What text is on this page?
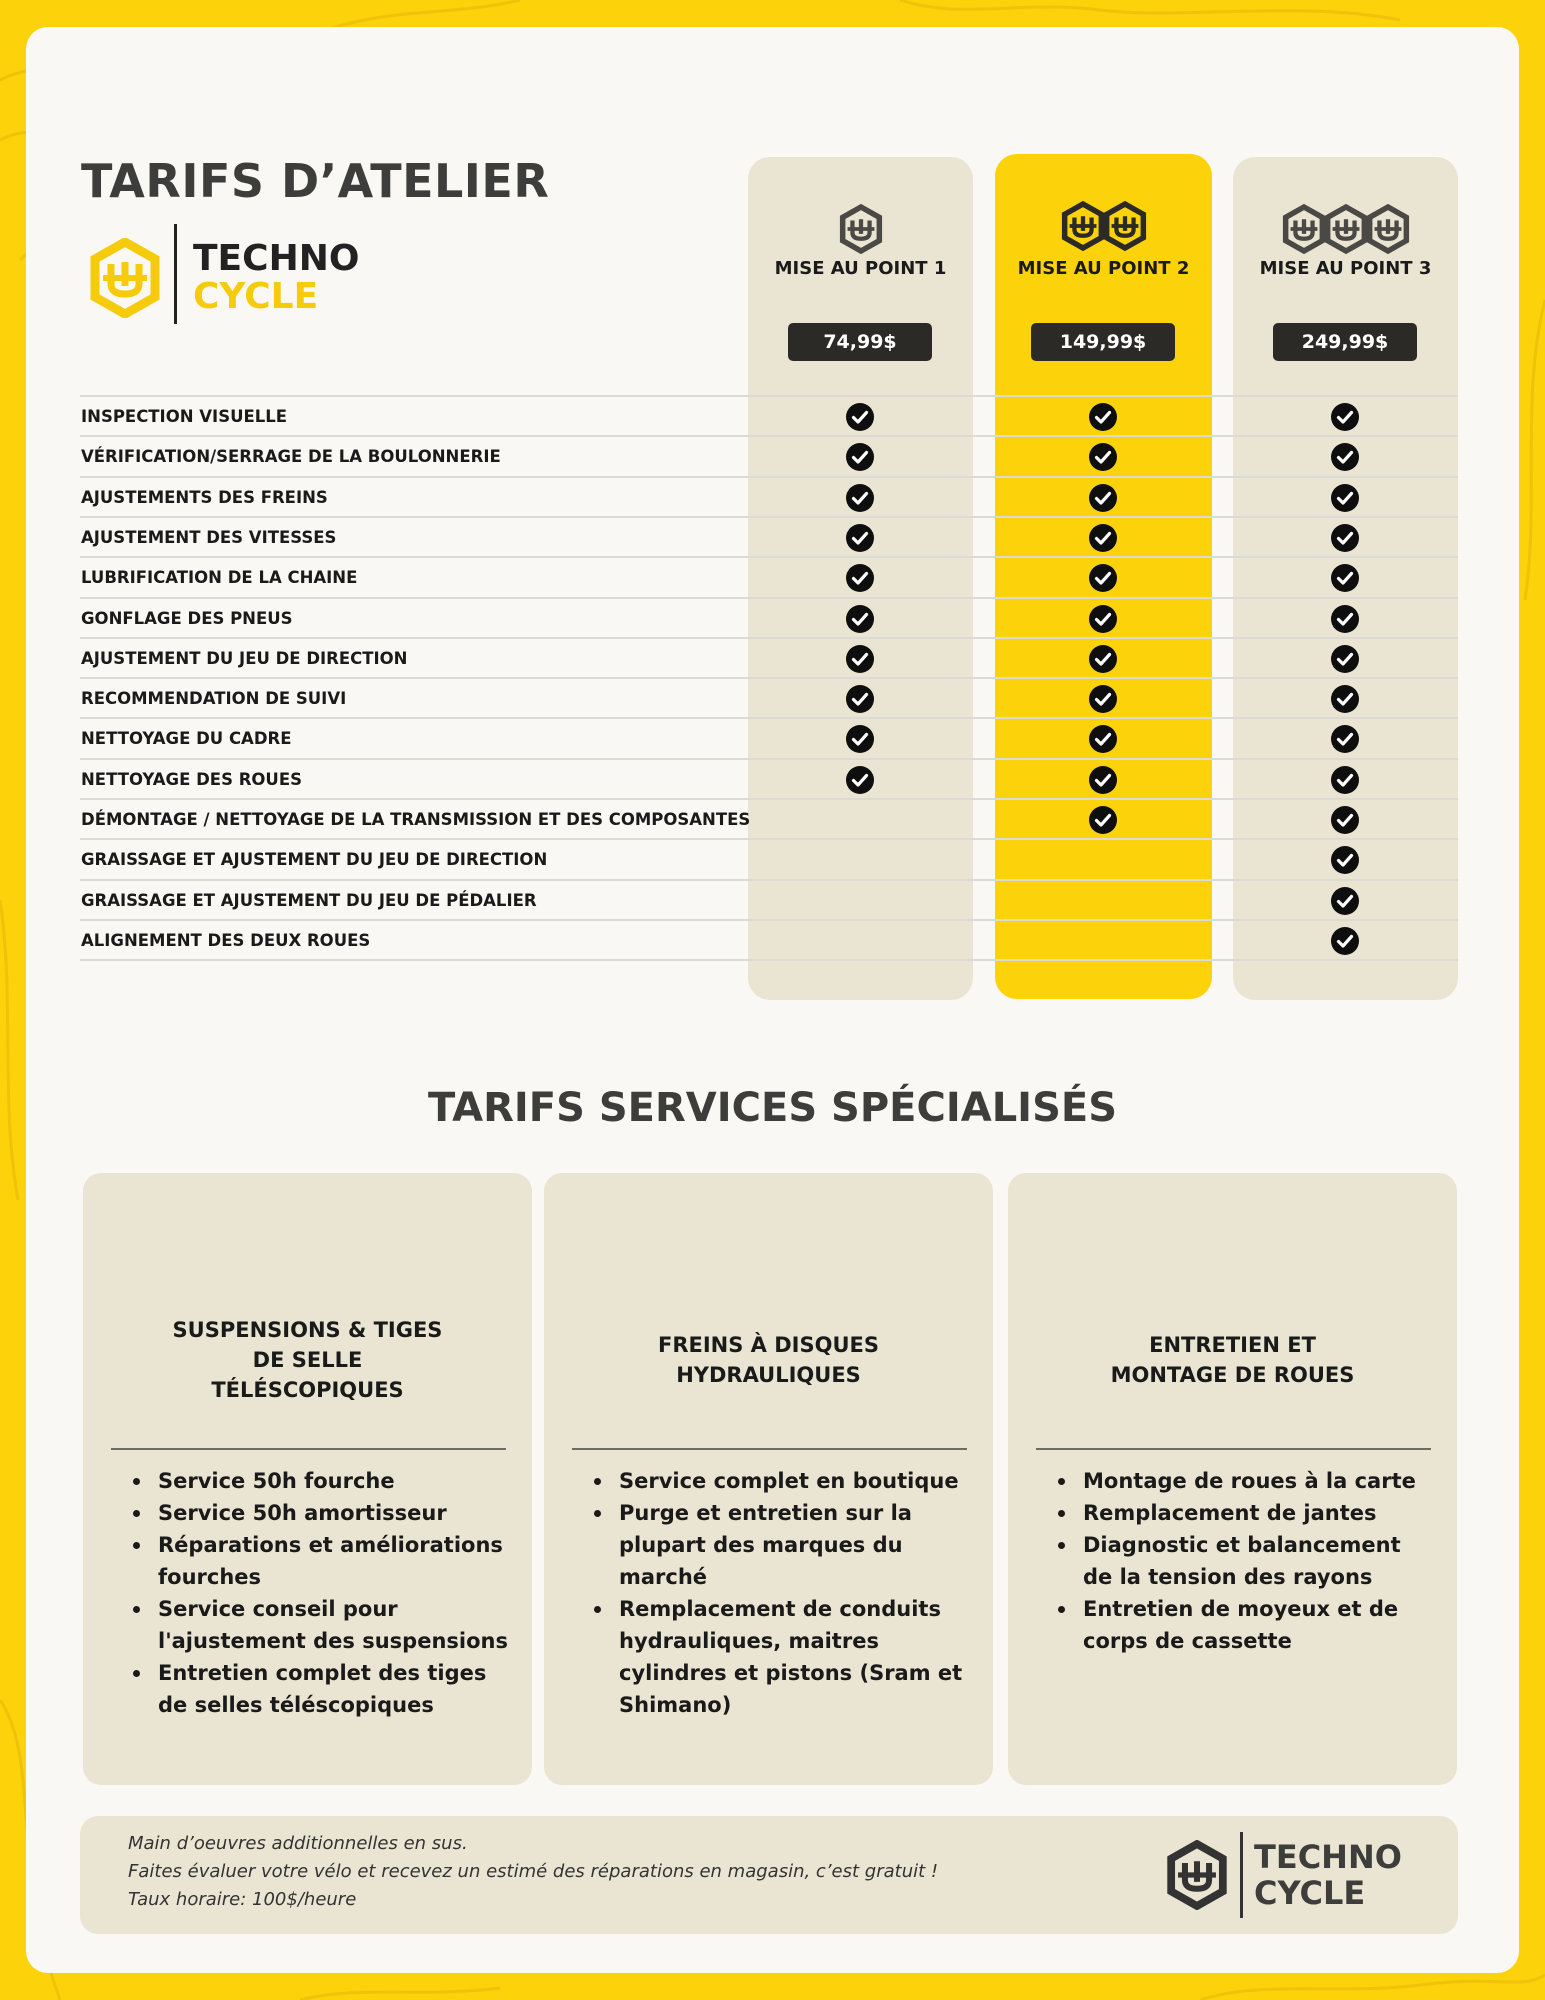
TARIFS D’ATELIER
TECHNO
CYCLE
INSPECTION VISUELLE
VÉRIFICATION/SERRAGE DE LA BOULONNERIE
AJUSTEMENTS DES FREINS
AJUSTEMENT DES VITESSES
LUBRIFICATION DE LA CHAINE
GONFLAGE DES PNEUS
AJUSTEMENT DU JEU DE DIRECTION
RECOMMENDATION DE SUIVI
NETTOYAGE DU CADRE
NETTOYAGE DES ROUES
DÉMONTAGE / NETTOYAGE DE LA TRANSMISSION ET DES COMPOSANTES
GRAISSAGE ET AJUSTEMENT DU JEU DE DIRECTION
GRAISSAGE ET AJUSTEMENT DU JEU DE PÉDALIER
ALIGNEMENT DES DEUX ROUES
TARIFS SERVICES SPÉCIALISÉS
SUSPENSIONS & TIGES
DE SELLE
TÉLÉSCOPIQUES
Service 50h fourche
Service 50h amortisseur
Réparations et améliorations fourches
Service conseil pour l'ajustement des suspensions
Entretien complet des tiges de selles téléscopiques
FREINS À DISQUES
HYDRAULIQUES
Service complet en boutique
Purge et entretien sur la plupart des marques du marché
Remplacement de conduits hydrauliques, maitres cylindres et pistons (Sram et Shimano)
ENTRETIEN ET
MONTAGE DE ROUES
Montage de roues à la carte
Remplacement de jantes
Diagnostic et balancement de la tension des rayons
Entretien de moyeux et de corps de cassette
Main d’oeuvres additionnelles en sus.
Faites évaluer votre vélo et recevez un estimé des réparations en magasin, c’est gratuit !
Taux horaire: 100$/heure
TECHNO
CYCLE
MISE AU POINT 1
74,99$
MISE AU POINT 2
149,99$
MISE AU POINT 3
249,99$
